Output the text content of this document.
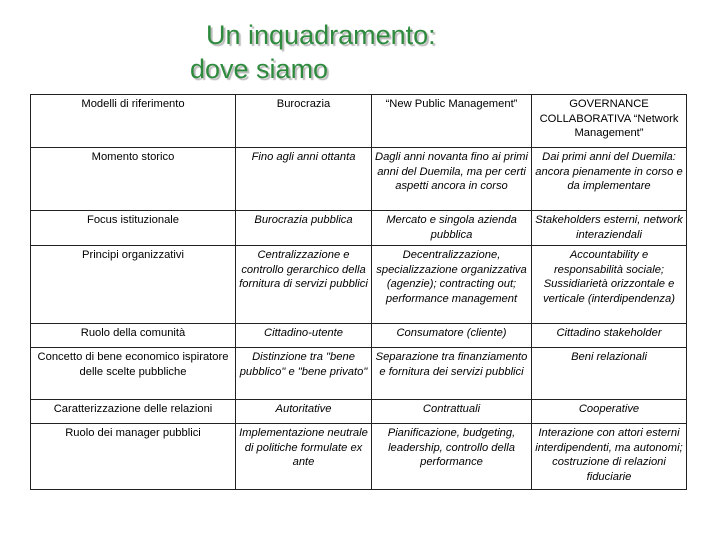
Un inquadramento:
dove siamo
Modelli di riferimento	Burocrazia	“New Public Management”	GOVERNANCE COLLABORATIVA “Network Management”
Momento storico	Fino agli anni ottanta	Dagli anni novanta fino ai primi anni del Duemila, ma per certi aspetti ancora in corso	Dai primi anni del Duemila: ancora pienamente in corso e da implementare
Focus istituzionale	Burocrazia pubblica	Mercato e singola azienda pubblica	Stakeholders esterni, network interaziendali
Principi organizzativi	Centralizzazione e controllo gerarchico della fornitura di servizi pubblici	Decentralizzazione, specializzazione organizzativa (agenzie); contracting out; performance management	Accountability e responsabilità sociale; Sussidiarietà orizzontale e verticale (interdipendenza)
Ruolo della comunità	Cittadino-utente	Consumatore (cliente)	Cittadino stakeholder
Concetto di bene economico ispiratore delle scelte pubbliche	Distinzione tra "bene pubblico" e "bene privato"	Separazione tra finanziamento e fornitura dei servizi pubblici	Beni relazionali
Caratterizzazione delle relazioni	Autoritative	Contrattuali	Cooperative
Ruolo dei manager pubblici	Implementazione neutrale di politiche formulate ex ante	Pianificazione, budgeting, leadership, controllo della performance	Interazione con attori esterni interdipendenti, ma autonomi; costruzione di relazioni fiduciarie
